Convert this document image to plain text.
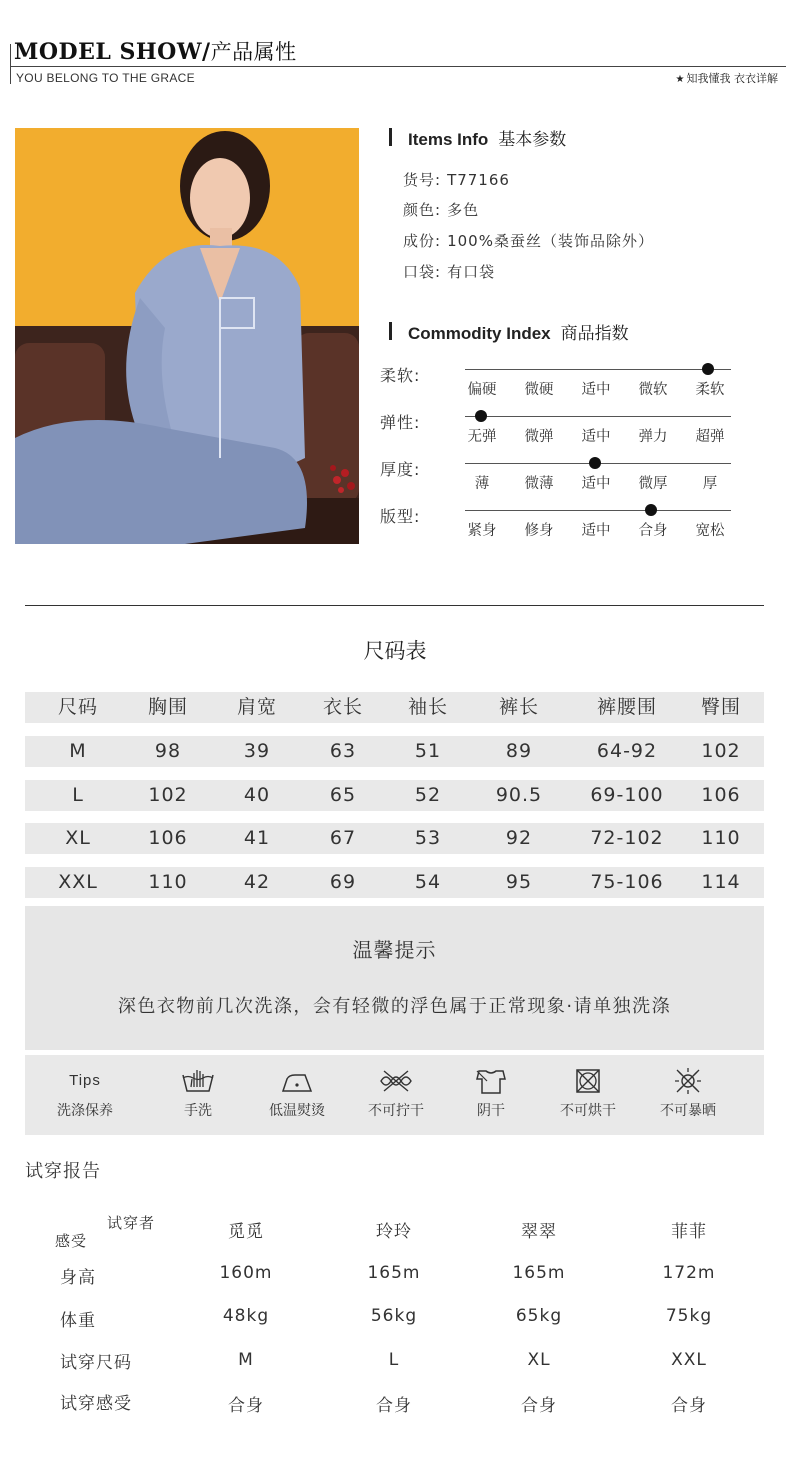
MODEL SHOW/产品属性
YOU BELONG TO THE GRACE	★ 知我懂我 衣衣详解
Items Info 基本参数
货号: T77166
颜色: 多色
成份: 100%桑蚕丝（装饰品除外）
口袋: 有口袋
Commodity Index 商品指数
柔软:
偏硬	微硬	适中	微软	柔软
弹性:
无弹	微弹	适中	弹力	超弹
厚度:
薄	微薄	适中	微厚	厚
版型:
紧身	修身	适中	合身	宽松
尺码表
尺码	胸围	肩宽	衣长	袖长	裤长	裤腰围	臀围
M	98	39	63	51	89	64-92	102
L	102	40	65	52	90.5	69-100	106
XL	106	41	67	53	92	72-102	110
XXL	110	42	69	54	95	75-106	114
温馨提示
深色衣物前几次洗涤，会有轻微的浮色属于正常现象·请单独洗涤
Tips
洗涤保养	手洗	低温熨烫	不可拧干	阴干	不可烘干	不可暴晒
试穿报告
试穿者
感受	觅觅	玲玲	翠翠	菲菲
身高	160m	165m	165m	172m
体重	48kg	56kg	65kg	75kg
试穿尺码	M	L	XL	XXL
试穿感受	合身	合身	合身	合身
